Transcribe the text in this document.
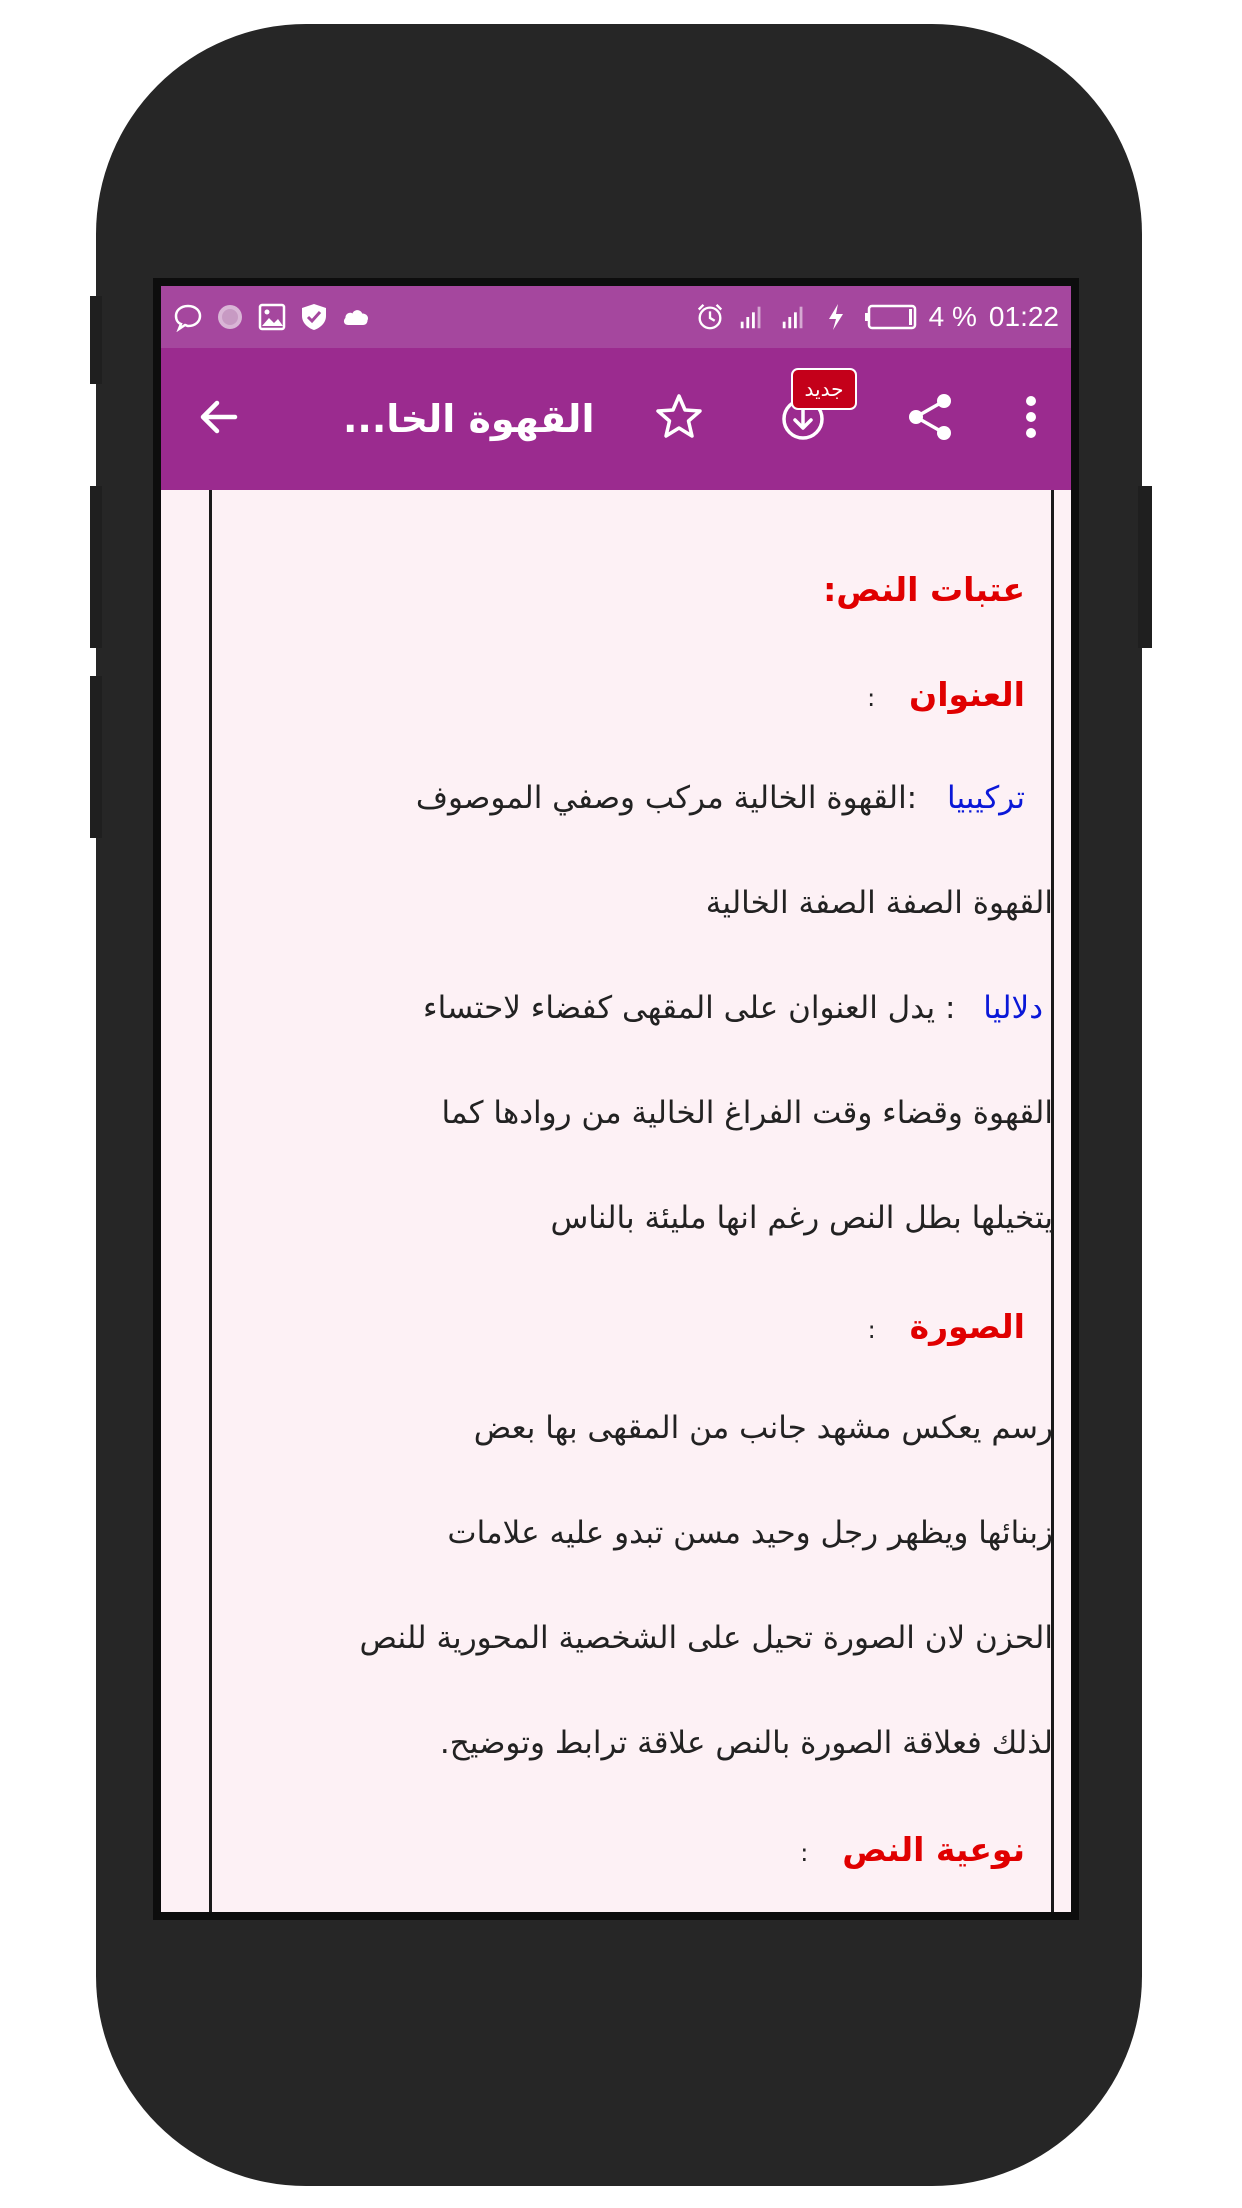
4 % 01:22
القهوة الخا...
جديد
عتبات النص:
العنوان :
تركيبيا :القهوة الخالية مركب وصفي الموصوف
القهوة الصفة الصفة الخالية
دلاليا : يدل العنوان على المقهى كفضاء لاحتساء
القهوة وقضاء وقت الفراغ الخالية من روادها كما
يتخيلها بطل النص رغم انها مليئة بالناس
الصورة :
رسم يعكس مشهد جانب من المقهى بها بعض
زبنائها ويظهر رجل وحيد مسن تبدو عليه علامات
الحزن لان الصورة تحيل على الشخصية المحورية للنص
لذلك فعلاقة الصورة بالنص علاقة ترابط وتوضيح.
نوعية النص :
